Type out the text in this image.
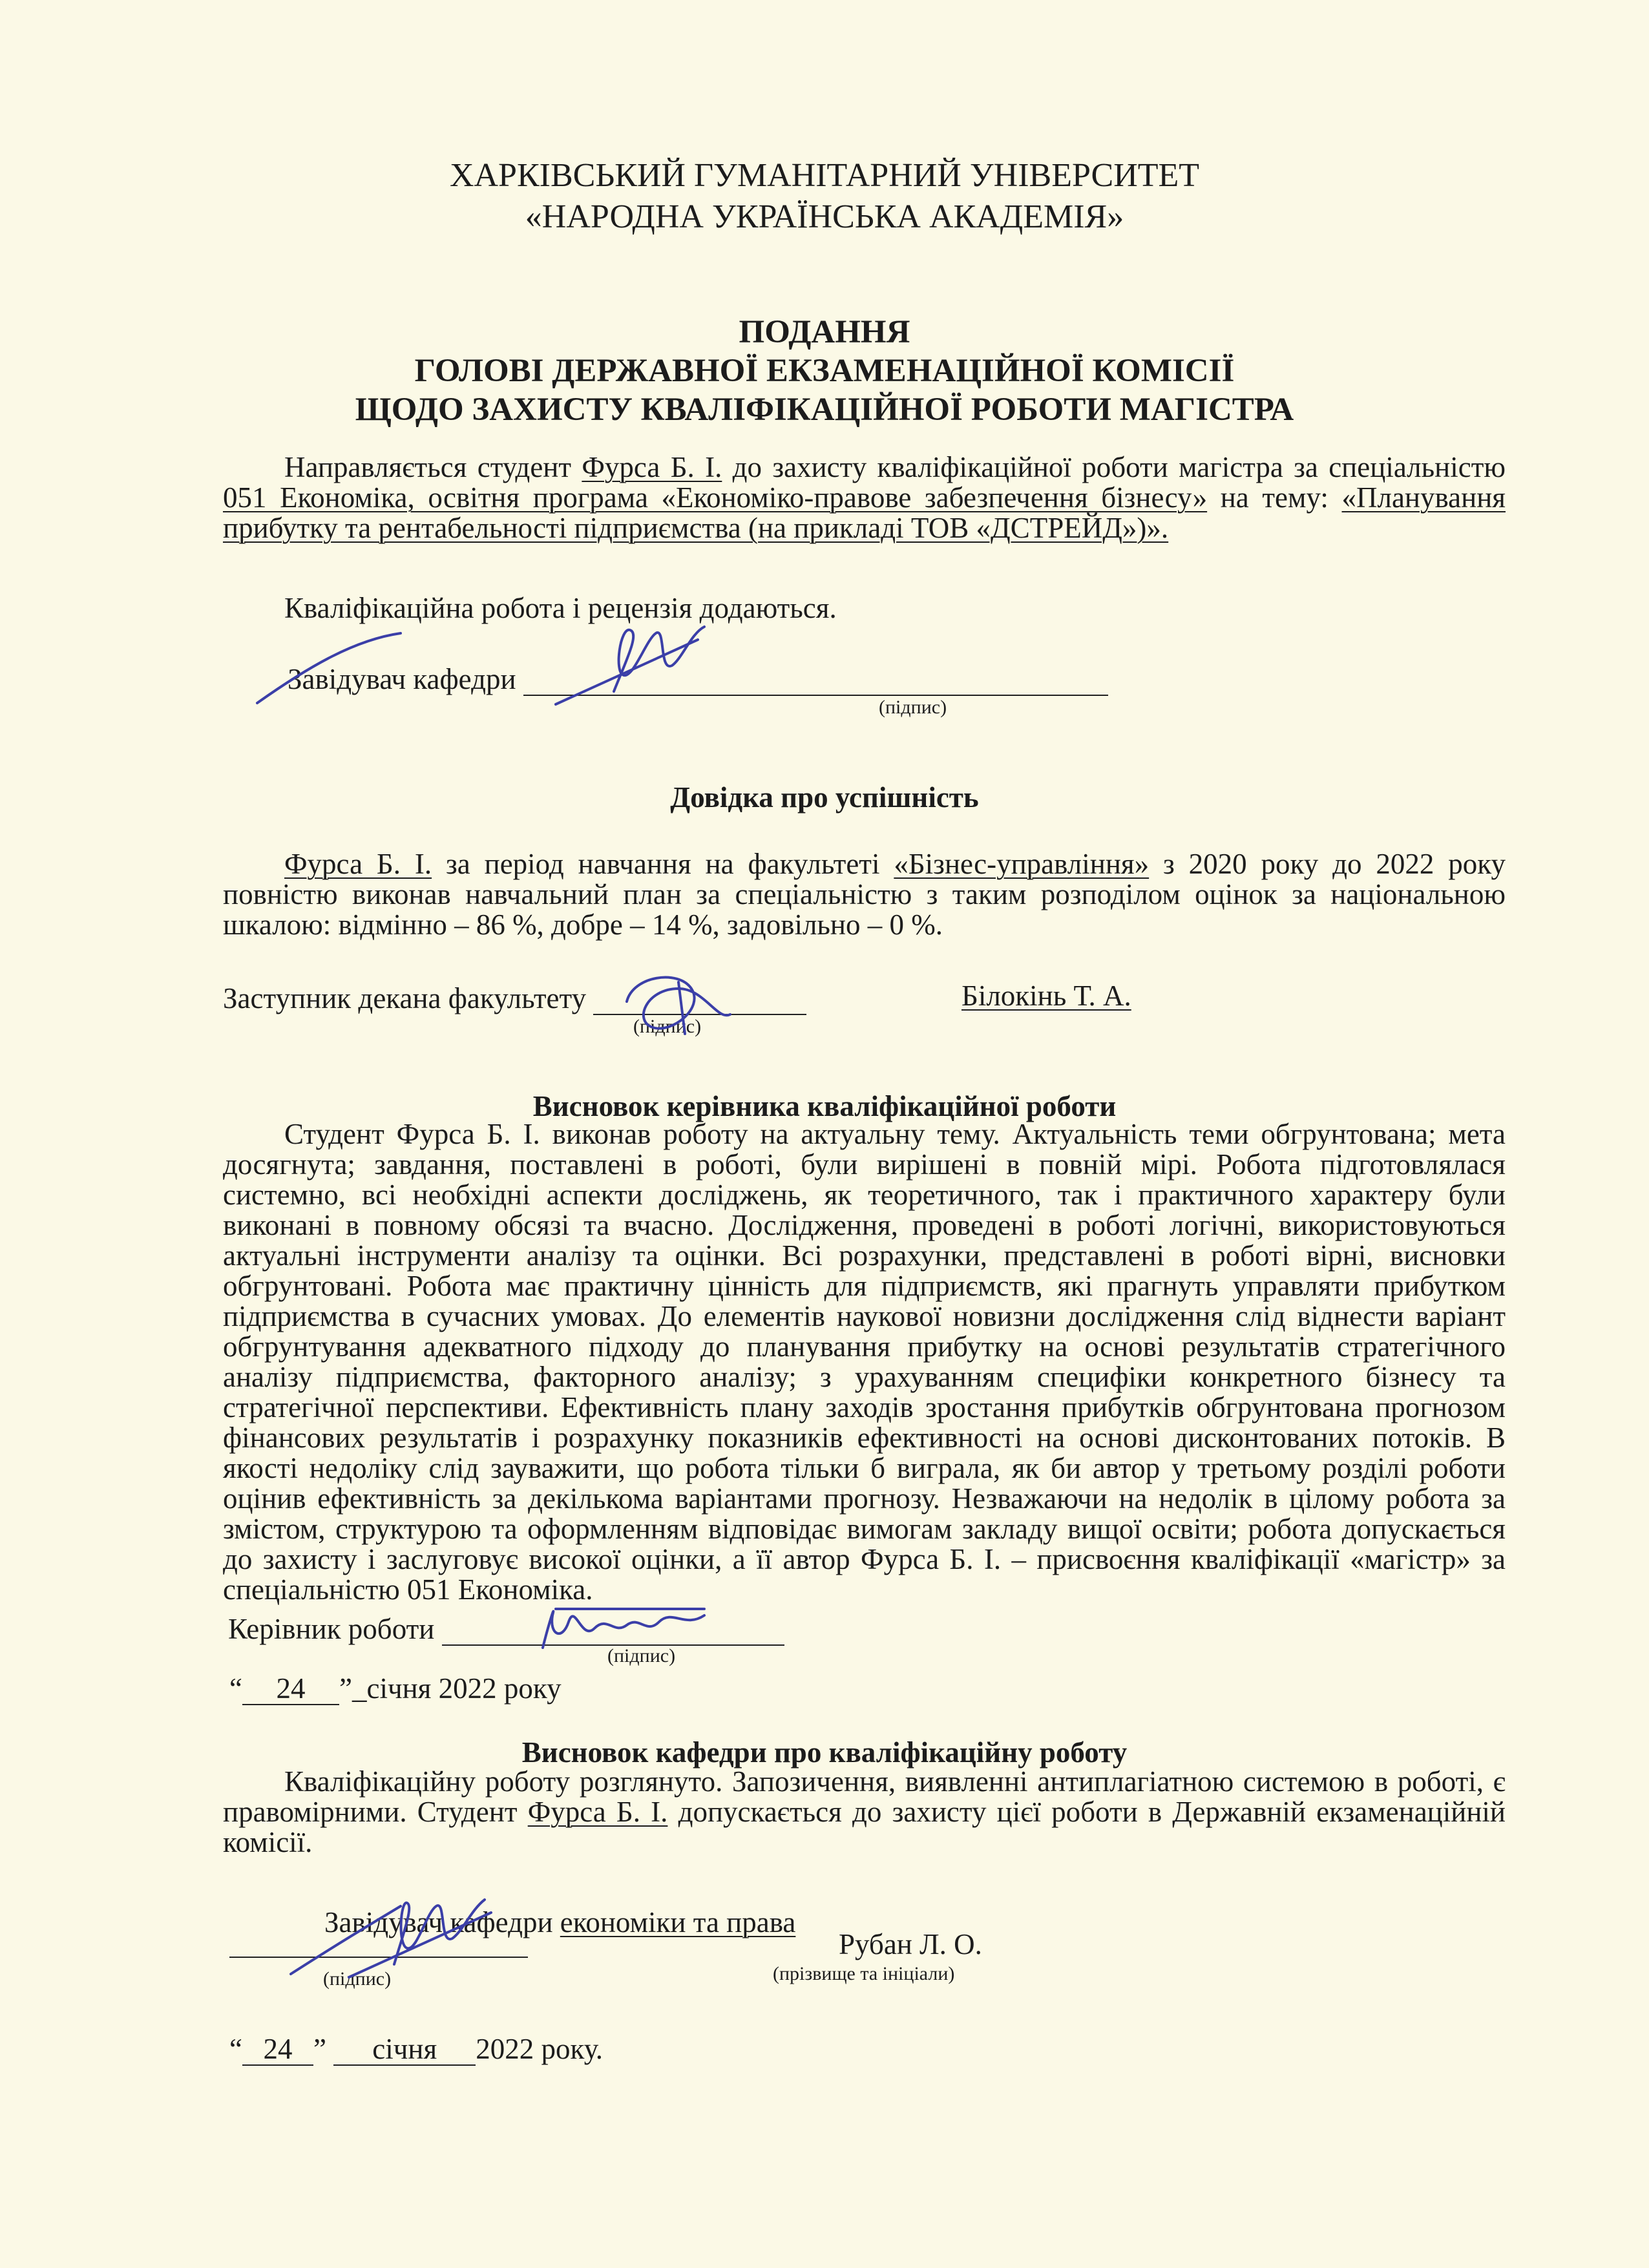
ХАРКІВСЬКИЙ ГУМАНІТАРНИЙ УНІВЕРСИТЕТ
«НАРОДНА УКРАЇНСЬКА АКАДЕМІЯ»
ПОДАННЯ
ГОЛОВІ ДЕРЖАВНОЇ ЕКЗАМЕНАЦІЙНОЇ КОМІСІЇ
ЩОДО ЗАХИСТУ КВАЛІФІКАЦІЙНОЇ РОБОТИ МАГІСТРА
Направляється студент Фурса Б. І. до захисту кваліфікаційної роботи магістра за спеціальністю 051 Економіка, освітня програма «Економіко-правове забезпечення бізнесу» на тему: «Планування прибутку та рентабельності підприємства (на прикладі ТОВ «ДСТРЕЙД»)».
Кваліфікаційна робота і рецензія додаються.
Завідувач кафедри
(підпис)
Довідка про успішність
Фурса Б. І. за період навчання на факультеті «Бізнес-управління» з 2020 року до 2022 року повністю виконав навчальний план за спеціальністю з таким розподілом оцінок за національною шкалою: відмінно – 86 %, добре – 14 %, задовільно – 0 %.
Заступник декана факультету
(підпис)
Білокінь Т. А.
Висновок керівника кваліфікаційної роботи
Студент Фурса Б. І. виконав роботу на актуальну тему. Актуальність теми обгрунтована; мета досягнута; завдання, поставлені в роботі, були вирішені в повній мірі. Робота підготовлялася системно, всі необхідні аспекти досліджень, як теоретичного, так і практичного характеру були виконані в повному обсязі та вчасно. Дослідження, проведені в роботі логічні, використовуються актуальні інструменти аналізу та оцінки. Всі розрахунки, представлені в роботі вірні, висновки обгрунтовані. Робота має практичну цінність для підприємств, які прагнуть управляти прибутком підприємства в сучасних умовах. До елементів наукової новизни дослідження слід віднести варіант обгрунтування адекватного підходу до планування прибутку на основі результатів стратегічного аналізу підприємства, факторного аналізу; з урахуванням специфіки конкретного бізнесу та стратегічної перспективи. Ефективність плану заходів зростання прибутків обгрунтована прогнозом фінансових результатів і розрахунку показників ефективності на основі дисконтованих потоків. В якості недоліку слід зауважити, що робота тільки б виграла, як би автор у третьому розділі роботи оцінив ефективність за декількома варіантами прогнозу. Незважаючи на недолік в цілому робота за змістом, структурою та оформленням відповідає вимогам закладу вищої освіти; робота допускається до захисту і заслуговує високої оцінки, а її автор Фурса Б. І. – присвоєння кваліфікації «магістр» за спеціальністю 051 Економіка.
Керівник роботи
(підпис)
“ 24 ”_січня 2022 року
Висновок кафедри про кваліфікаційну роботу
Кваліфікаційну роботу розглянуто. Запозичення, виявленні антиплагіатною системою в роботі, є правомірними. Студент Фурса Б. І. допускається до захисту цієї роботи в Державній екзаменаційній комісії.
Завідувач кафедри економіки та права
Рубан Л. О.
(підпис)	(прізвище та ініціали)
“ 24 ” січня 2022 року.
